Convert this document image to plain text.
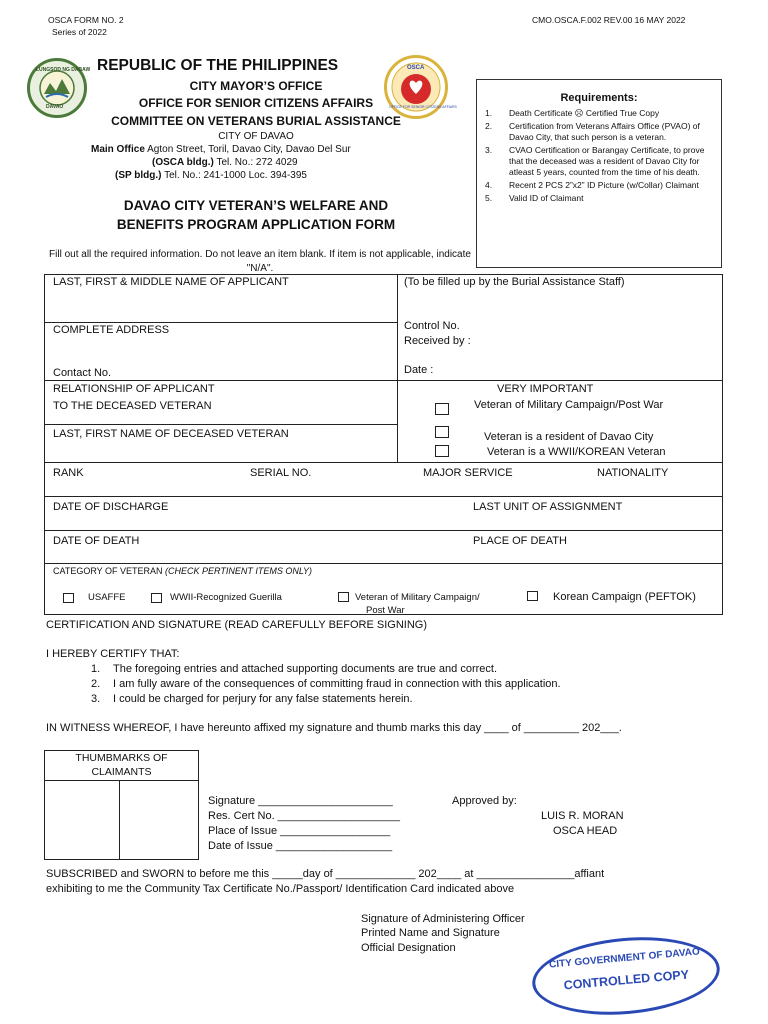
OSCA FORM NO. 2
Series of 2022
CMO.OSCA.F.002 REV.00 16 MAY 2022
LUNGSOD NG DABAW
DAVAO
OSCA
OFFICE FOR SENIOR CITIZENS AFFAIRS
REPUBLIC OF THE PHILIPPINES
CITY MAYOR’S OFFICE
OFFICE FOR SENIOR CITIZENS AFFAIRS
COMMITTEE ON VETERANS BURIAL ASSISTANCE
CITY OF DAVAO
Main Office Agton Street, Toril, Davao City, Davao Del Sur
(OSCA bldg.) Tel. No.: 272 4029
(SP bldg.) Tel. No.: 241-1000 Loc. 394-395
DAVAO CITY VETERAN’S WELFARE AND
BENEFITS PROGRAM APPLICATION FORM
Fill out all the required information. Do not leave an item blank. If item is not applicable, indicate "N/A".
Requirements:
1.	Death Certificate ☹ Certified True Copy
2.	Certification from Veterans Affairs Office (PVAO) of Davao City, that such person is a veteran.
3.	CVAO Certification or Barangay Certificate, to prove that the deceased was a resident of Davao City for atleast 5 years, counted from the time of his death.
4.	Recent 2 PCS 2”x2” ID Picture (w/Collar) Claimant
5.	Valid ID of Claimant
LAST, FIRST & MIDDLE NAME OF APPLICANT	(To be filled up by the Burial Assistance Staff)
COMPLETE ADDRESS	Control No.
Received by :
Contact No.	Date :
RELATIONSHIP OF APPLICANT
TO THE DECEASED VETERAN
VERY IMPORTANT
Veteran of Military Campaign/Post War
LAST, FIRST NAME OF DECEASED VETERAN	Veteran is a resident of Davao City
Veteran is a WWII/KOREAN Veteran
RANK	SERIAL NO.	MAJOR SERVICE	NATIONALITY
DATE OF DISCHARGE	LAST UNIT OF ASSIGNMENT
DATE OF DEATH	PLACE OF DEATH
CATEGORY OF VETERAN (CHECK PERTINENT ITEMS ONLY)
USAFFE	WWII-Recognized Guerilla	Veteran of Military Campaign/
Post War
Korean Campaign (PEFTOK)
CERTIFICATION AND SIGNATURE (READ CAREFULLY BEFORE SIGNING)
I HEREBY CERTIFY THAT:
1. The foregoing entries and attached supporting documents are true and correct.
2. I am fully aware of the consequences of committing fraud in connection with this application.
3. I could be charged for perjury for any false statements herein.
IN WITNESS WHEREOF, I have hereunto affixed my signature and thumb marks this day ____ of _________ 202___.
THUMBMARKS OF
CLAIMANTS
Signature ______________________
Res. Cert No. ____________________
Place of Issue __________________
Date of Issue ___________________
Approved by:
LUIS R. MORAN
OSCA HEAD
SUBSCRIBED and SWORN to before me this _____day of _____________ 202____ at ________________affiant
exhibiting to me the Community Tax Certificate No./Passport/ Identification Card indicated above
Signature of Administering Officer
Printed Name and Signature
Official Designation	CITY GOVERNMENT OF DAVAO
CONTROLLED COPY
